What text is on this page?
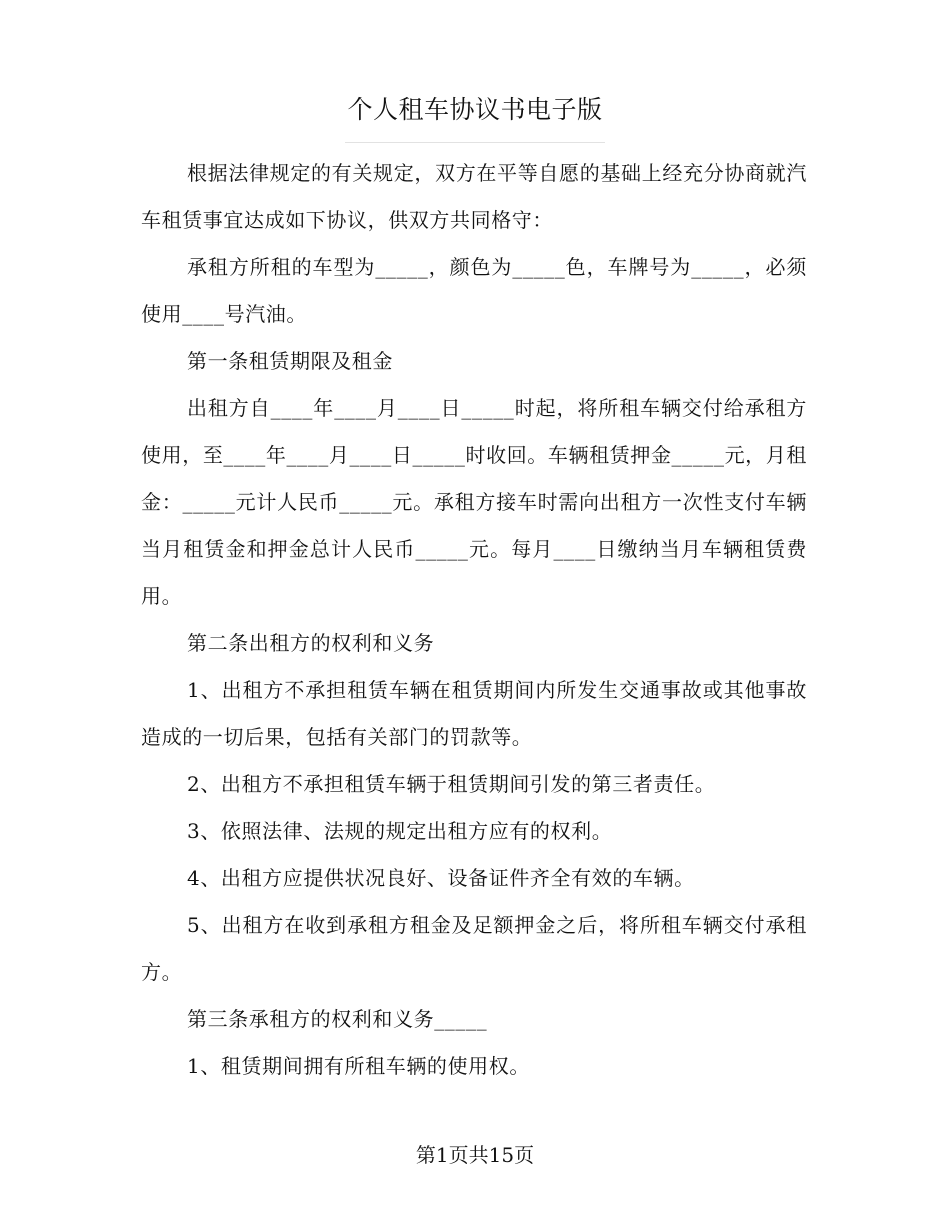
个人租车协议书电子版

根据法律规定的有关规定，双方在平等自愿的基础上经充分协商就汽车租赁事宜达成如下协议，供双方共同格守：

承租方所租的车型为_____，颜色为_____色，车牌号为_____，必须使用____号汽油。

第一条租赁期限及租金

出租方自____年____月____日_____时起，将所租车辆交付给承租方使用，至____年____月____日_____时收回。车辆租赁押金_____元，月租金：_____元计人民币_____元。承租方接车时需向出租方一次性支付车辆当月租赁金和押金总计人民币_____元。每月____日缴纳当月车辆租赁费用。

第二条出租方的权利和义务

1、出租方不承担租赁车辆在租赁期间内所发生交通事故或其他事故造成的一切后果，包括有关部门的罚款等。

2、出租方不承担租赁车辆于租赁期间引发的第三者责任。

3、依照法律、法规的规定出租方应有的权利。

4、出租方应提供状况良好、设备证件齐全有效的车辆。

5、出租方在收到承租方租金及足额押金之后，将所租车辆交付承租方。

第三条承租方的权利和义务_____

1、租赁期间拥有所租车辆的使用权。

第1页共15页
